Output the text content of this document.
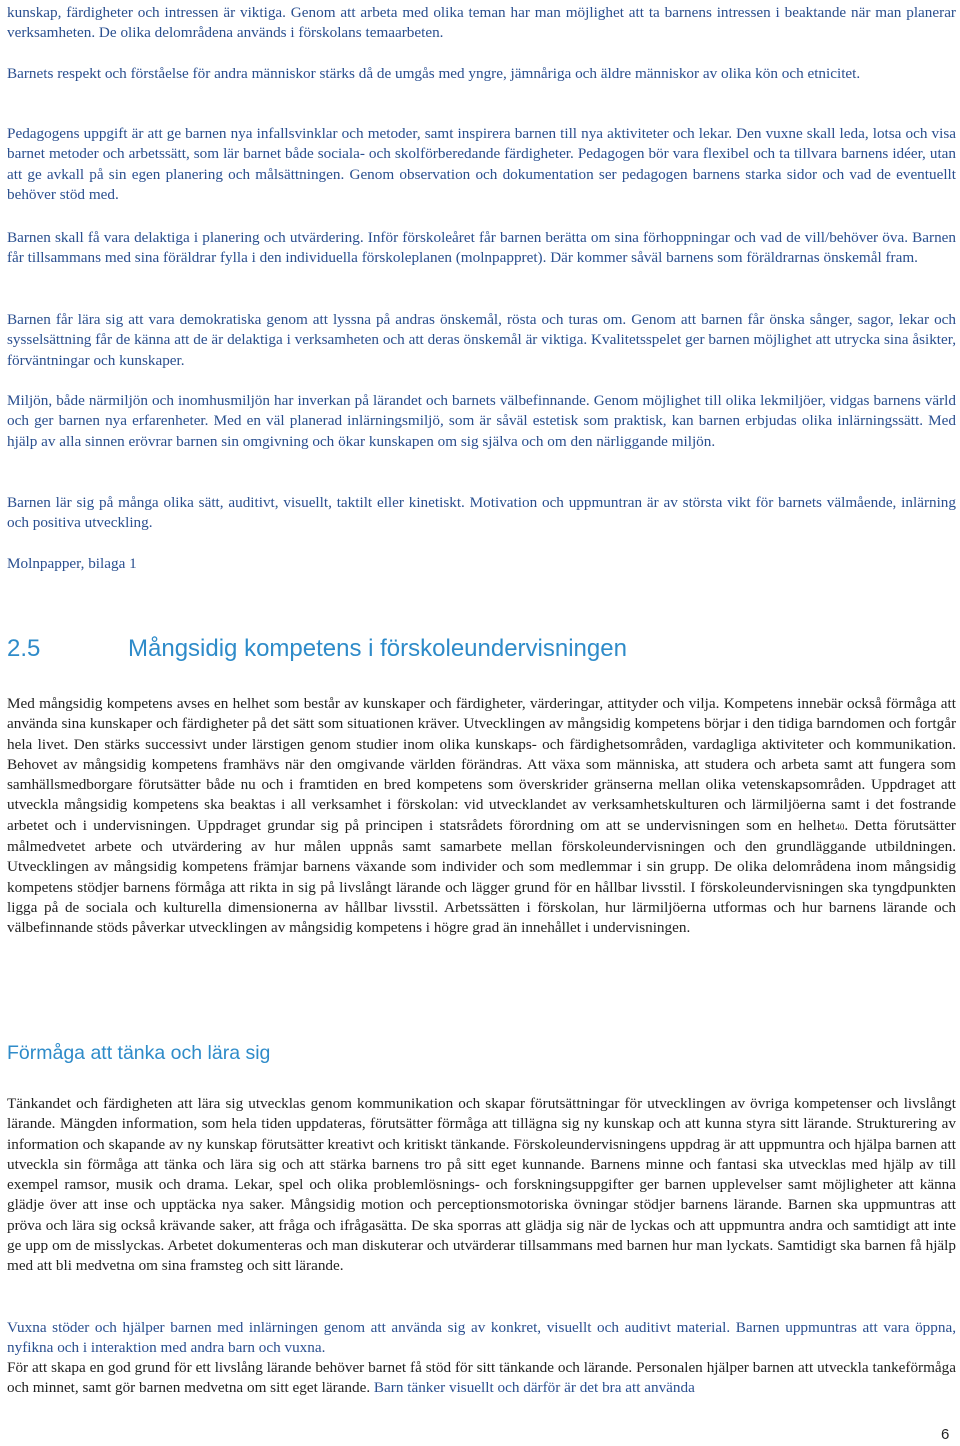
kunskap, färdigheter och intressen är viktiga. Genom att arbeta med olika teman har man möjlighet att ta barnens intressen i beaktande när man planerar verksamheten. De olika delområdena används i förskolans temaarbeten.

Barnets respekt och förståelse för andra människor stärks då de umgås med yngre, jämnåriga och äldre människor av olika kön och etnicitet.

Pedagogens uppgift är att ge barnen nya infallsvinklar och metoder, samt inspirera barnen till nya aktiviteter och lekar. Den vuxne skall leda, lotsa och visa barnet metoder och arbetssätt, som lär barnet både sociala- och skolförberedande färdigheter. Pedagogen bör vara flexibel och ta tillvara barnens idéer, utan att ge avkall på sin egen planering och målsättningen. Genom observation och dokumentation ser pedagogen barnens starka sidor och vad de eventuellt behöver stöd med.

Barnen skall få vara delaktiga i planering och utvärdering. Inför förskoleåret får barnen berätta om sina förhoppningar och vad de vill/behöver öva. Barnen får tillsammans med sina föräldrar fylla i den individuella förskoleplanen (molnpappret). Där kommer såväl barnens som föräldrarnas önskemål fram.

Barnen får lära sig att vara demokratiska genom att lyssna på andras önskemål, rösta och turas om. Genom att barnen får önska sånger, sagor, lekar och sysselsättning får de känna att de är delaktiga i verksamheten och att deras önskemål är viktiga. Kvalitetsspelet ger barnen möjlighet att utrycka sina åsikter, förväntningar och kunskaper.

Miljön, både närmiljön och inomhusmiljön har inverkan på lärandet och barnets välbefinnande. Genom möjlighet till olika lekmiljöer, vidgas barnens värld och ger barnen nya erfarenheter. Med en väl planerad inlärningsmiljö, som är såväl estetisk som praktisk, kan barnen erbjudas olika inlärningssätt. Med hjälp av alla sinnen erövrar barnen sin omgivning och ökar kunskapen om sig själva och om den närliggande miljön.

Barnen lär sig på många olika sätt, auditivt, visuellt, taktilt eller kinetiskt. Motivation och uppmuntran är av största vikt för barnets välmående, inlärning och positiva utveckling.

Molnpapper, bilaga 1

2.5	Mångsidig kompetens i förskoleundervisningen

Med mångsidig kompetens avses en helhet som består av kunskaper och färdigheter, värderingar, attityder och vilja. Kompetens innebär också förmåga att använda sina kunskaper och färdigheter på det sätt som situationen kräver. Utvecklingen av mångsidig kompetens börjar i den tidiga barndomen och fortgår hela livet. Den stärks successivt under lärstigen genom studier inom olika kunskaps- och färdighetsområden, vardagliga aktiviteter och kommunikation. Behovet av mångsidig kompetens framhävs när den omgivande världen förändras. Att växa som människa, att studera och arbeta samt att fungera som samhällsmedborgare förutsätter både nu och i framtiden en bred kompetens som överskrider gränserna mellan olika vetenskapsområden. Uppdraget att utveckla mångsidig kompetens ska beaktas i all verksamhet i förskolan: vid utvecklandet av verksamhetskulturen och lärmiljöerna samt i det fostrande arbetet och i undervisningen. Uppdraget grundar sig på principen i statsrådets förordning om att se undervisningen som en helhet40. Detta förutsätter målmedvetet arbete och utvärdering av hur målen uppnås samt samarbete mellan förskoleundervisningen och den grundläggande utbildningen. Utvecklingen av mångsidig kompetens främjar barnens växande som individer och som medlemmar i sin grupp. De olika delområdena inom mångsidig kompetens stödjer barnens förmåga att rikta in sig på livslångt lärande och lägger grund för en hållbar livsstil. I förskoleundervisningen ska tyngdpunkten ligga på de sociala och kulturella dimensionerna av hållbar livsstil. Arbetssätten i förskolan, hur lärmiljöerna utformas och hur barnens lärande och välbefinnande stöds påverkar utvecklingen av mångsidig kompetens i högre grad än innehållet i undervisningen.

Förmåga att tänka och lära sig

Tänkandet och färdigheten att lära sig utvecklas genom kommunikation och skapar förutsättningar för utvecklingen av övriga kompetenser och livslångt lärande. Mängden information, som hela tiden uppdateras, förutsätter förmåga att tillägna sig ny kunskap och att kunna styra sitt lärande. Strukturering av information och skapande av ny kunskap förutsätter kreativt och kritiskt tänkande. Förskoleundervisningens uppdrag är att uppmuntra och hjälpa barnen att utveckla sin förmåga att tänka och lära sig och att stärka barnens tro på sitt eget kunnande. Barnens minne och fantasi ska utvecklas med hjälp av till exempel ramsor, musik och drama. Lekar, spel och olika problemlösnings- och forskningsuppgifter ger barnen upplevelser samt möjligheter att känna glädje över att inse och upptäcka nya saker. Mångsidig motion och perceptionsmotoriska övningar stödjer barnens lärande. Barnen ska uppmuntras att pröva och lära sig också krävande saker, att fråga och ifrågasätta. De ska sporras att glädja sig när de lyckas och att uppmuntra andra och samtidigt att inte ge upp om de misslyckas. Arbetet dokumenteras och man diskuterar och utvärderar tillsammans med barnen hur man lyckats. Samtidigt ska barnen få hjälp med att bli medvetna om sina framsteg och sitt lärande.

Vuxna stöder och hjälper barnen med inlärningen genom att använda sig av konkret, visuellt och auditivt material. Barnen uppmuntras att vara öppna, nyfikna och i interaktion med andra barn och vuxna.

För att skapa en god grund för ett livslång lärande behöver barnet få stöd för sitt tänkande och lärande. Personalen hjälper barnen att utveckla tankeförmåga och minnet, samt gör barnen medvetna om sitt eget lärande. Barn tänker visuellt och därför är det bra att använda

6
